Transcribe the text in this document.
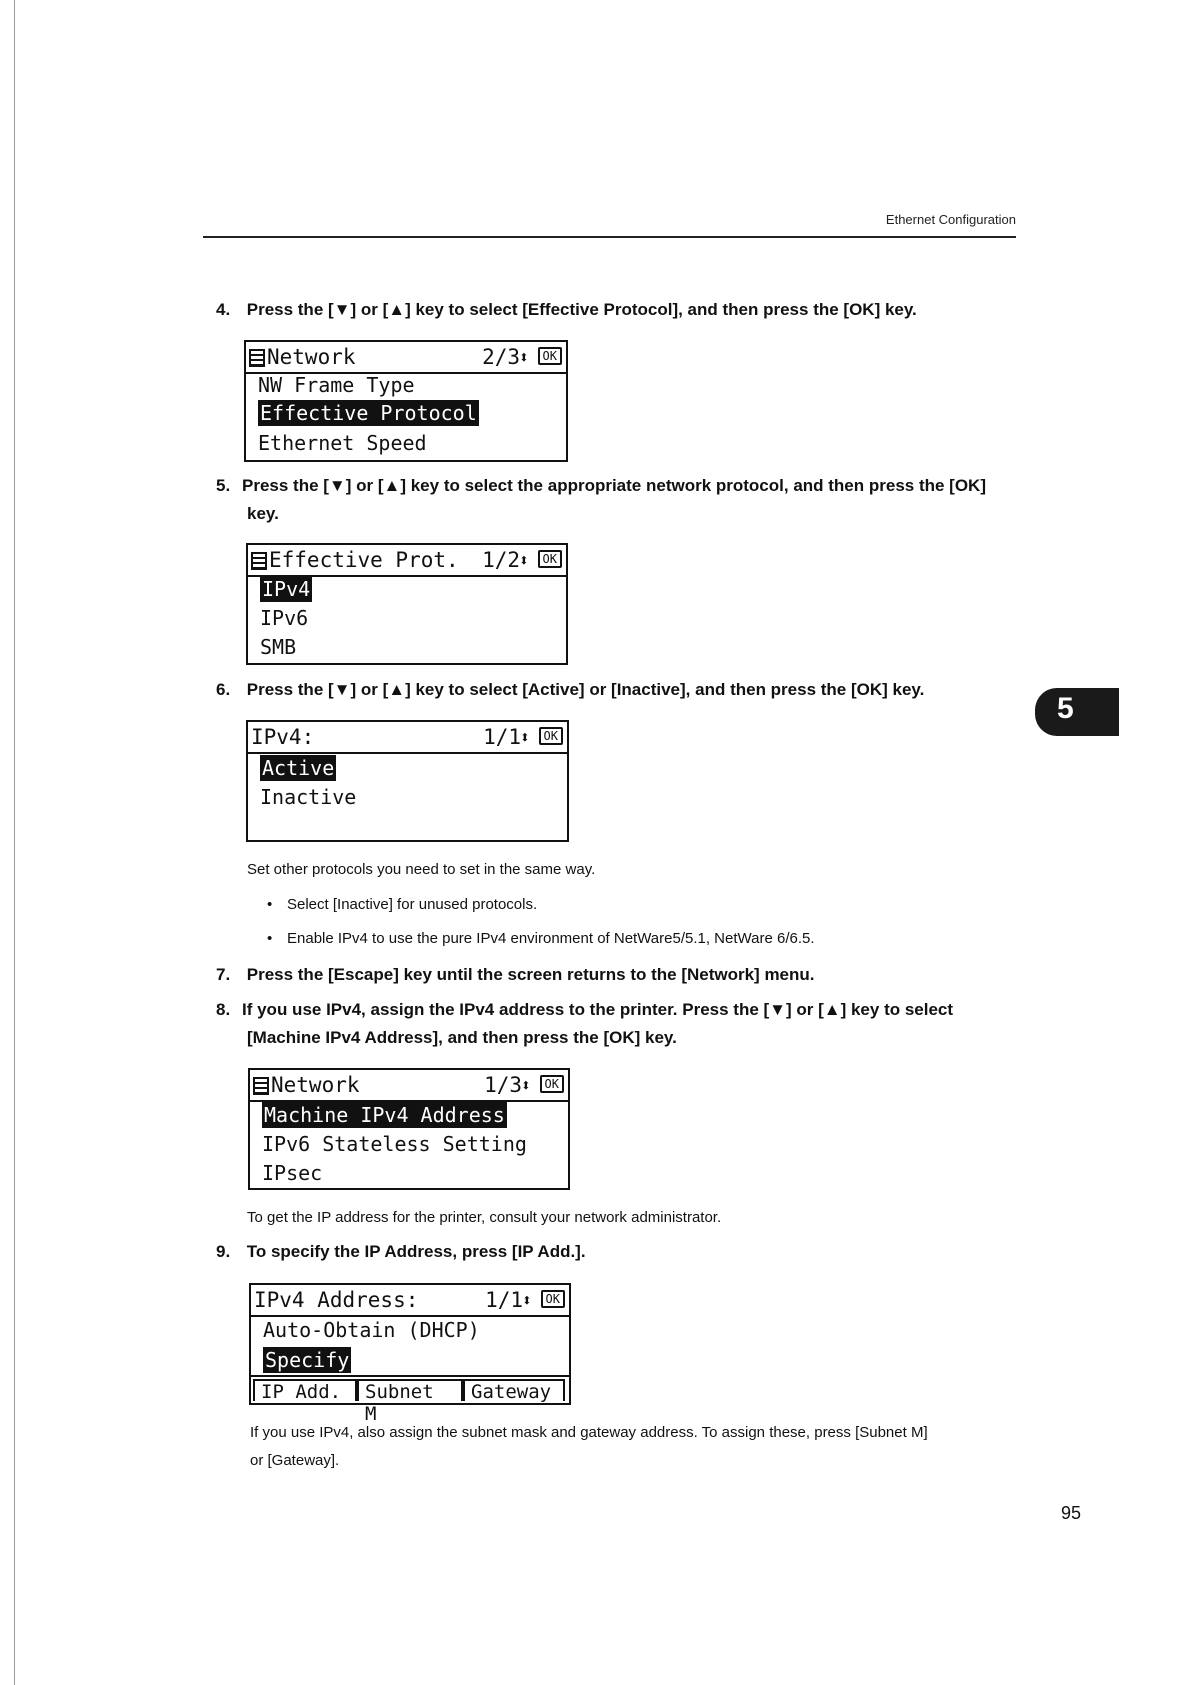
Ethernet Configuration
5
4. Press the [▼] or [▲] key to select [Effective Protocol], and then press the [OK] key.
Network	2/3
⬍	OK
NW Frame Type
Effective Protocol
Ethernet Speed
5. Press the [▼] or [▲] key to select the appropriate network protocol, and then press the [OK]
key.
Effective Prot. 1/2
⬍	OK
IPv4
IPv6
SMB
6. Press the [▼] or [▲] key to select [Active] or [Inactive], and then press the [OK] key.
IPv4:	1/1
⬍	OK
Active
Inactive
Set other protocols you need to set in the same way.
• Select [Inactive] for unused protocols.
• Enable IPv4 to use the pure IPv4 environment of NetWare5/5.1, NetWare 6/6.5.
7. Press the [Escape] key until the screen returns to the [Network] menu.
8. If you use IPv4, assign the IPv4 address to the printer. Press the [▼] or [▲] key to select
[Machine IPv4 Address], and then press the [OK] key.
Network	1/3
⬍	OK
Machine IPv4 Address
IPv6 Stateless Setting
IPsec
To get the IP address for the printer, consult your network administrator.
9. To specify the IP Address, press [IP Add.].
IPv4 Address:	1/1
⬍	OK
Auto-Obtain (DHCP)
Specify
IP Add.	Subnet M
Gateway
If you use IPv4, also assign the subnet mask and gateway address. To assign these, press [Subnet M]
or [Gateway].
95
